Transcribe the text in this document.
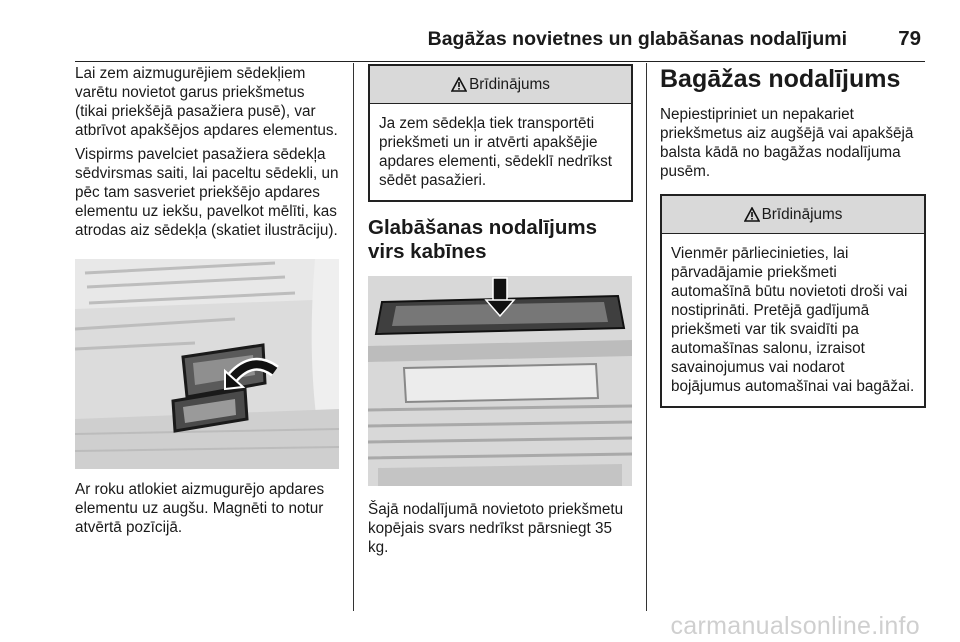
Bagāžas novietnes un glabāšanas nodalījumi 79

Lai zem aizmugurējiem sēdekļiem varētu novietot garus priekšmetus (tikai priekšējā pasažiera pusē), var atbrīvot apakšējos apdares elementus.

Vispirms pavelciet pasažiera sēdekļa sēdvirsmas saiti, lai paceltu sēdekli, un pēc tam sasveriet priekšējo apdares elementu uz iekšu, pavelkot mēlīti, kas atrodas aiz sēdekļa (skatiet ilustrāciju).

Ar roku atlokiet aizmugurējo apdares elementu uz augšu. Magnēti to notur atvērtā pozīcijā.

Brīdinājums
Ja zem sēdekļa tiek transportēti priekšmeti un ir atvērti apakšējie apdares elementi, sēdeklī nedrīkst sēdēt pasažieri.
Glabāšanas nodalījums virs kabīnes

Šajā nodalījumā novietoto priekšmetu kopējais svars nedrīkst pārsniegt 35 kg.

Bagāžas nodalījums

Nepiestipriniet un nepakariet priekšmetus aiz augšējā vai apakšējā balsta kādā no bagāžas nodalījuma pusēm.

Brīdinājums
Vienmēr pārliecinieties, lai pārvadājamie priekšmeti automašīnā būtu novietoti droši vai nostiprināti. Pretējā gadījumā priekšmeti var tik svaidīti pa automašīnas salonu, izraisot savainojumus vai nodarot bojājumus automašīnai vai bagāžai.
carmanualsonline.info
